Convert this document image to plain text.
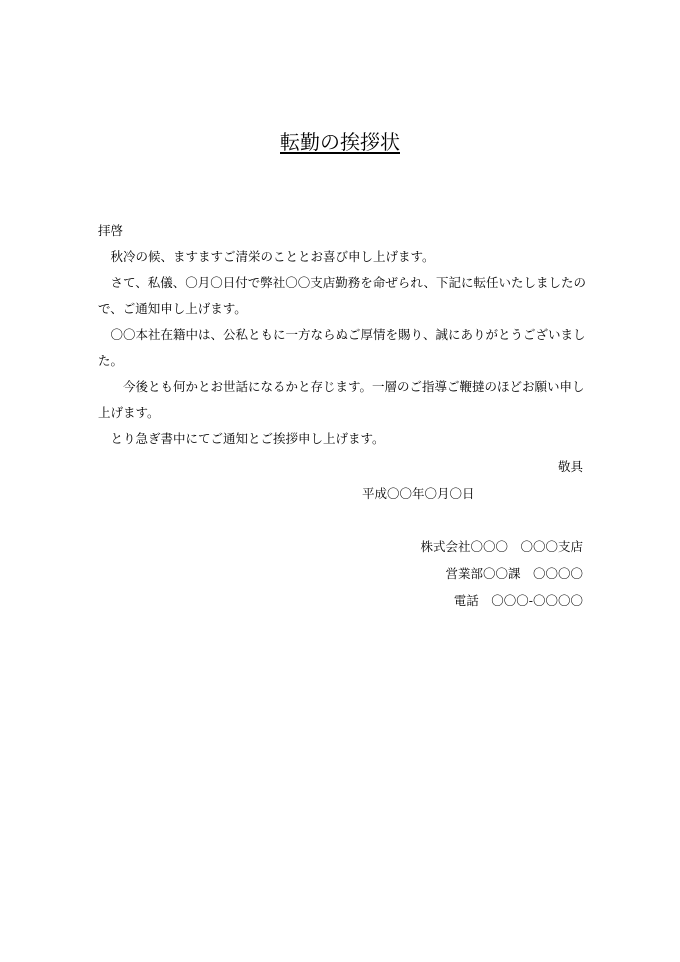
転勤の挨拶状
拝啓
　秋冷の候、ますますご清栄のこととお喜び申し上げます。
　さて、私儀、〇月〇日付で弊社〇〇支店勤務を命ぜられ、下記に転任いたしましたの
で、ご通知申し上げます。
　〇〇本社在籍中は、公私ともに一方ならぬご厚情を賜り、誠にありがとうございまし
た。
　　今後とも何かとお世話になるかと存じます。一層のご指導ご鞭撻のほどお願い申し
上げます。
　とり急ぎ書中にてご通知とご挨拶申し上げます。
敬具
平成〇〇年〇月〇日
株式会社〇〇〇　〇〇〇支店
営業部〇〇課　〇〇〇〇
電話　〇〇〇-〇〇〇〇
